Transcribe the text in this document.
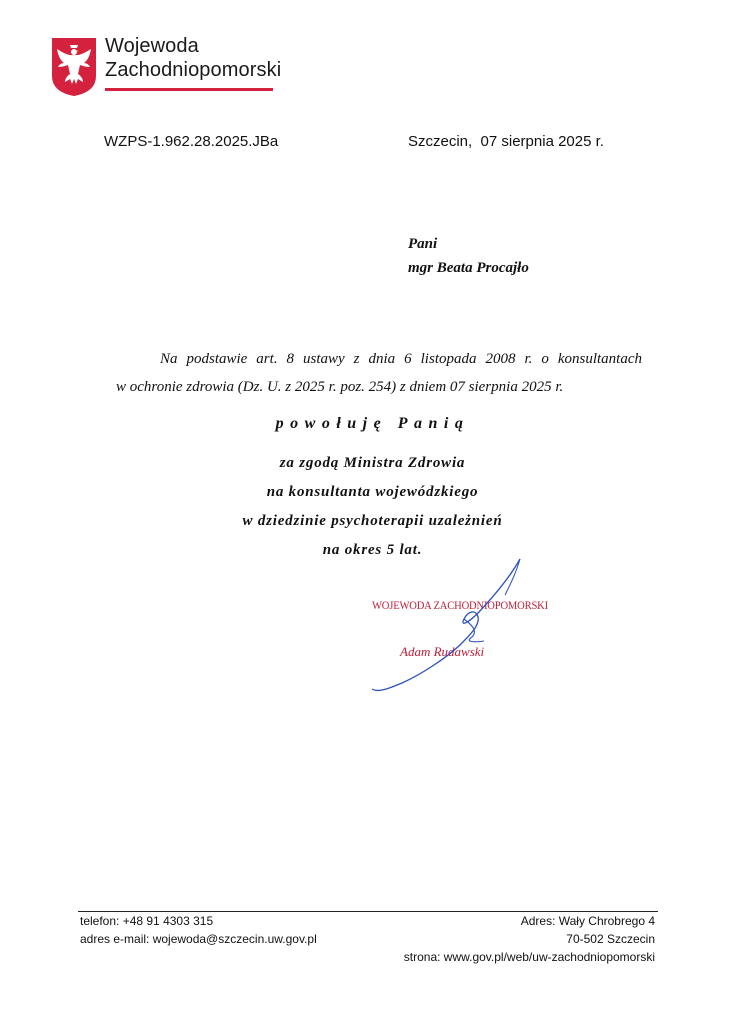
Wojewoda
Zachodniopomorski
WZPS-1.962.28.2025.JBa	Szczecin,  07 sierpnia 2025 r.
Pani
mgr Beata Procajło
Na podstawie art. 8 ustawy z dnia 6 listopada 2008 r. o konsultantach
w ochronie zdrowia (Dz. U. z 2025 r. poz. 254) z dniem 07 sierpnia 2025 r.
powołuję Panią
za zgodą Ministra Zdrowia
na konsultanta wojewódzkiego
w dziedzinie psychoterapii uzależnień
na okres 5 lat.
WOJEWODA ZACHODNIOPOMORSKI
Adam Rudawski
telefon: +48 91 4303 315
adres e-mail: wojewoda@szczecin.uw.gov.pl
Adres: Wały Chrobrego 4
70-502 Szczecin
strona: www.gov.pl/web/uw-zachodniopomorski
